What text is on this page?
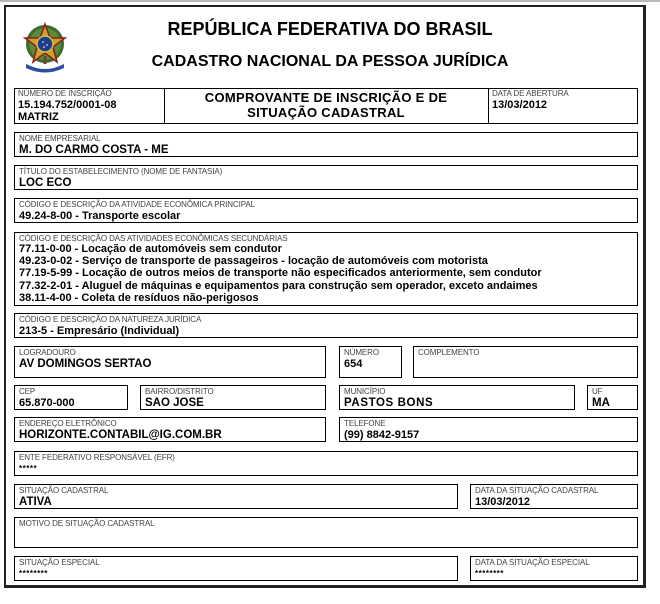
REPÚBLICA FEDERATIVA DO BRASIL
CADASTRO NACIONAL DA PESSOA JURÍDICA
NÚMERO DE INSCRIÇÃO
15.194.752/0001-08
MATRIZ
COMPROVANTE DE INSCRIÇÃO E DE
SITUAÇÃO CADASTRAL
DATA DE ABERTURA
13/03/2012
NOME EMPRESARIAL
M. DO CARMO COSTA - ME
TÍTULO DO ESTABELECIMENTO (NOME DE FANTASIA)
LOC ECO
CÓDIGO E DESCRIÇÃO DA ATIVIDADE ECONÔMICA PRINCIPAL
49.24-8-00 - Transporte escolar
CÓDIGO E DESCRIÇÃO DAS ATIVIDADES ECONÔMICAS SECUNDÁRIAS
77.11-0-00 - Locação de automóveis sem condutor
49.23-0-02 - Serviço de transporte de passageiros - locação de automóveis com motorista
77.19-5-99 - Locação de outros meios de transporte não especificados anteriormente, sem condutor
77.32-2-01 - Aluguel de máquinas e equipamentos para construção sem operador, exceto andaimes
38.11-4-00 - Coleta de resíduos não-perigosos
CÓDIGO E DESCRIÇÃO DA NATUREZA JURÍDICA
213-5 - Empresário (Individual)
LOGRADOURO
AV DOMINGOS SERTAO
NÚMERO
654
COMPLEMENTO
CEP
65.870-000
BAIRRO/DISTRITO
SAO JOSE
MUNICÍPIO
PASTOS BONS
UF
MA
ENDEREÇO ELETRÔNICO
HORIZONTE.CONTABIL@IG.COM.BR
TELEFONE
(99) 8842-9157
ENTE FEDERATIVO RESPONSÁVEL (EFR)
*****
SITUAÇÃO CADASTRAL
ATIVA
DATA DA SITUAÇÃO CADASTRAL
13/03/2012
MOTIVO DE SITUAÇÃO CADASTRAL
SITUAÇÃO ESPECIAL
********
DATA DA SITUAÇÃO ESPECIAL
********
